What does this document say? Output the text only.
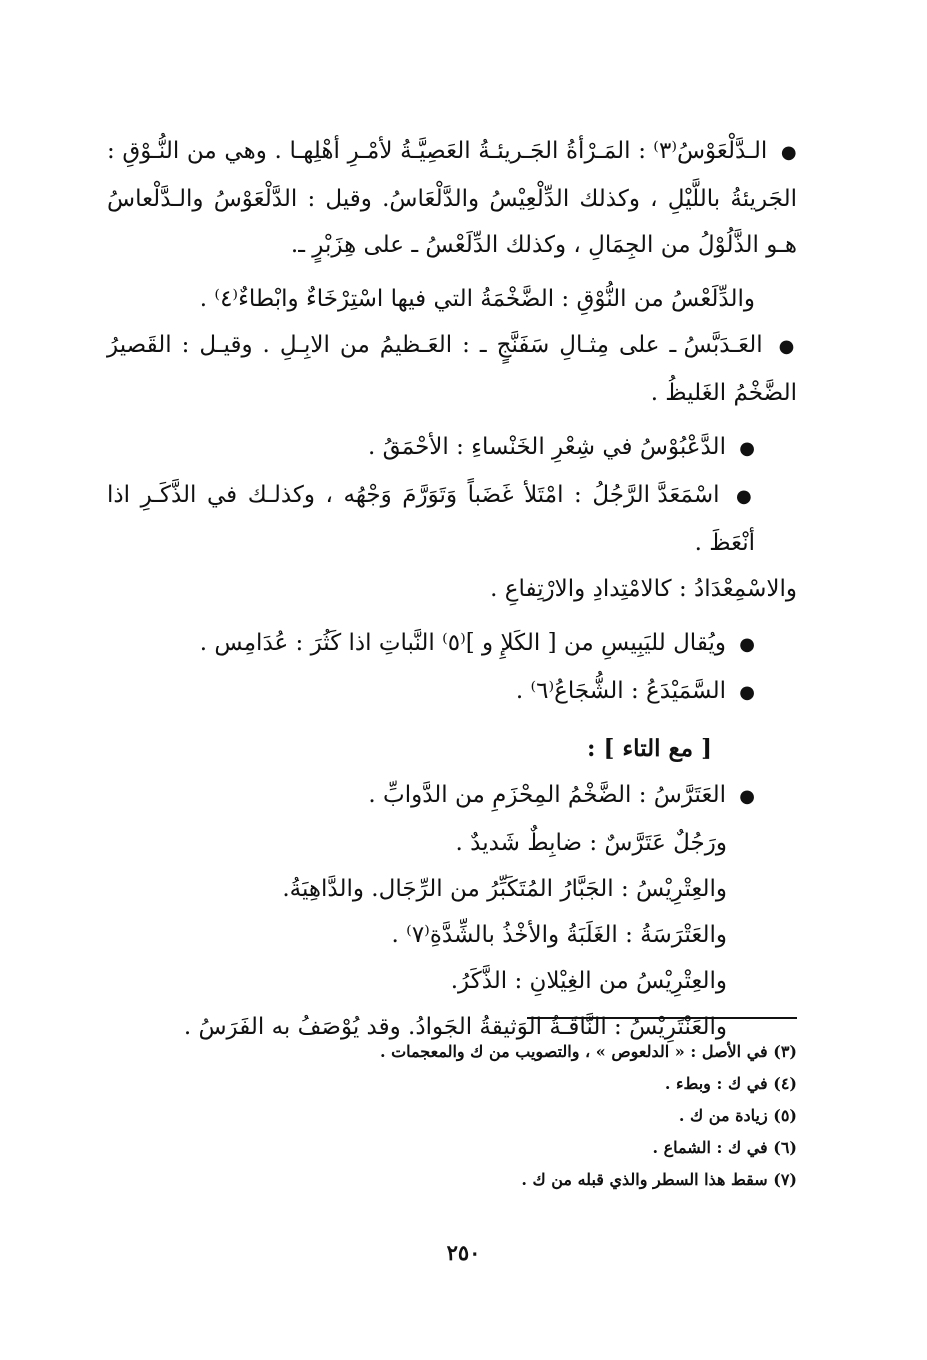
● الـدَّلْعَوْسُ⁽٣⁾ : المَـرْأةُ الجَـريئـةُ العَصِيَّـةُ لأمْـرِ أهْلِهـا . وهي من النُّـوْقِ : الجَريئةُ باللَّيْلِ ، وكذلك الدِّلْعِيْسُ والدَّلْعَاسُ. وقيل : الدَّلْعَوْسُ والـدَّلْعاسُ هـو الذَّلُوْلُ من الجِمَالِ ، وكذلك الدِّلَعْسُ ـ على هِزَبْرٍ ـ.

والدِّلَعْسُ من النُّوْقِ : الضَّخْمَةُ التي فيها اسْتِرْخَاءٌ وابْطاءٌ⁽٤⁾ .

● العَـدَبَّسُ ـ على مِثـالِ سَفَنَّجٍ ـ : العَـظيمُ من الابِـلِ . وقيـل : القَصيرُ الضَّخْمُ الغَليظُ .

● الدَّعْبُوْسُ في شِعْرِ الخَنْساءِ : الأحْمَقُ .

● اسْمَعَدَّ الرَّجُلُ : امْتَلأ غَضَباً وَتَوَرَّمَ وَجْهُه ، وكذلـك في الذَّكَـرِ اذا أنْعَظَ .

والاسْمِعْدَادُ : كالامْتِدادِ والارْتِفاعِ .

● ويُقال لليَبِيسِ من [ الكَلإِ و ]⁽٥⁾ النَّباتِ اذا كَثُرَ : عُدَامِس .

● السَّمَيْدَعُ : الشُّجَاعُ⁽٦⁾ .

[ مع التاء ] :

● العَتَرَّسُ : الضَّخْمُ المِحْزَمِ من الدَّوابِّ .

ورَجُلٌ عَتَرَّسٌ : ضابِطٌ شَديدٌ .

والعِتْرِيْسُ : الجَبَّارُ المُتَكَبِّرُ من الرِّجَال. والدَّاهِيَةُ.

والعَتْرَسَةُ : الغَلَبَةُ والأخْذُ بالشِّدَّةِ⁽٧⁾ .

والعِتْرِيْسُ من الغِيْلانِ : الذَّكَرُ.

والعَنْتَرِيْسُ : النَّاقَـةُ الوَثيقةُ الجَوادُ. وقد يُوْصَفُ به الفَرَسُ .

(٣) في الأصل : « الدلعوص » ، والتصويب من ك والمعجمات .

(٤) في ك : وبطء .

(٥) زيادة من ك .

(٦) في ك : الشماع .

(٧) سقط هذا السطر والذي قبله من ك .

٢٥٠
